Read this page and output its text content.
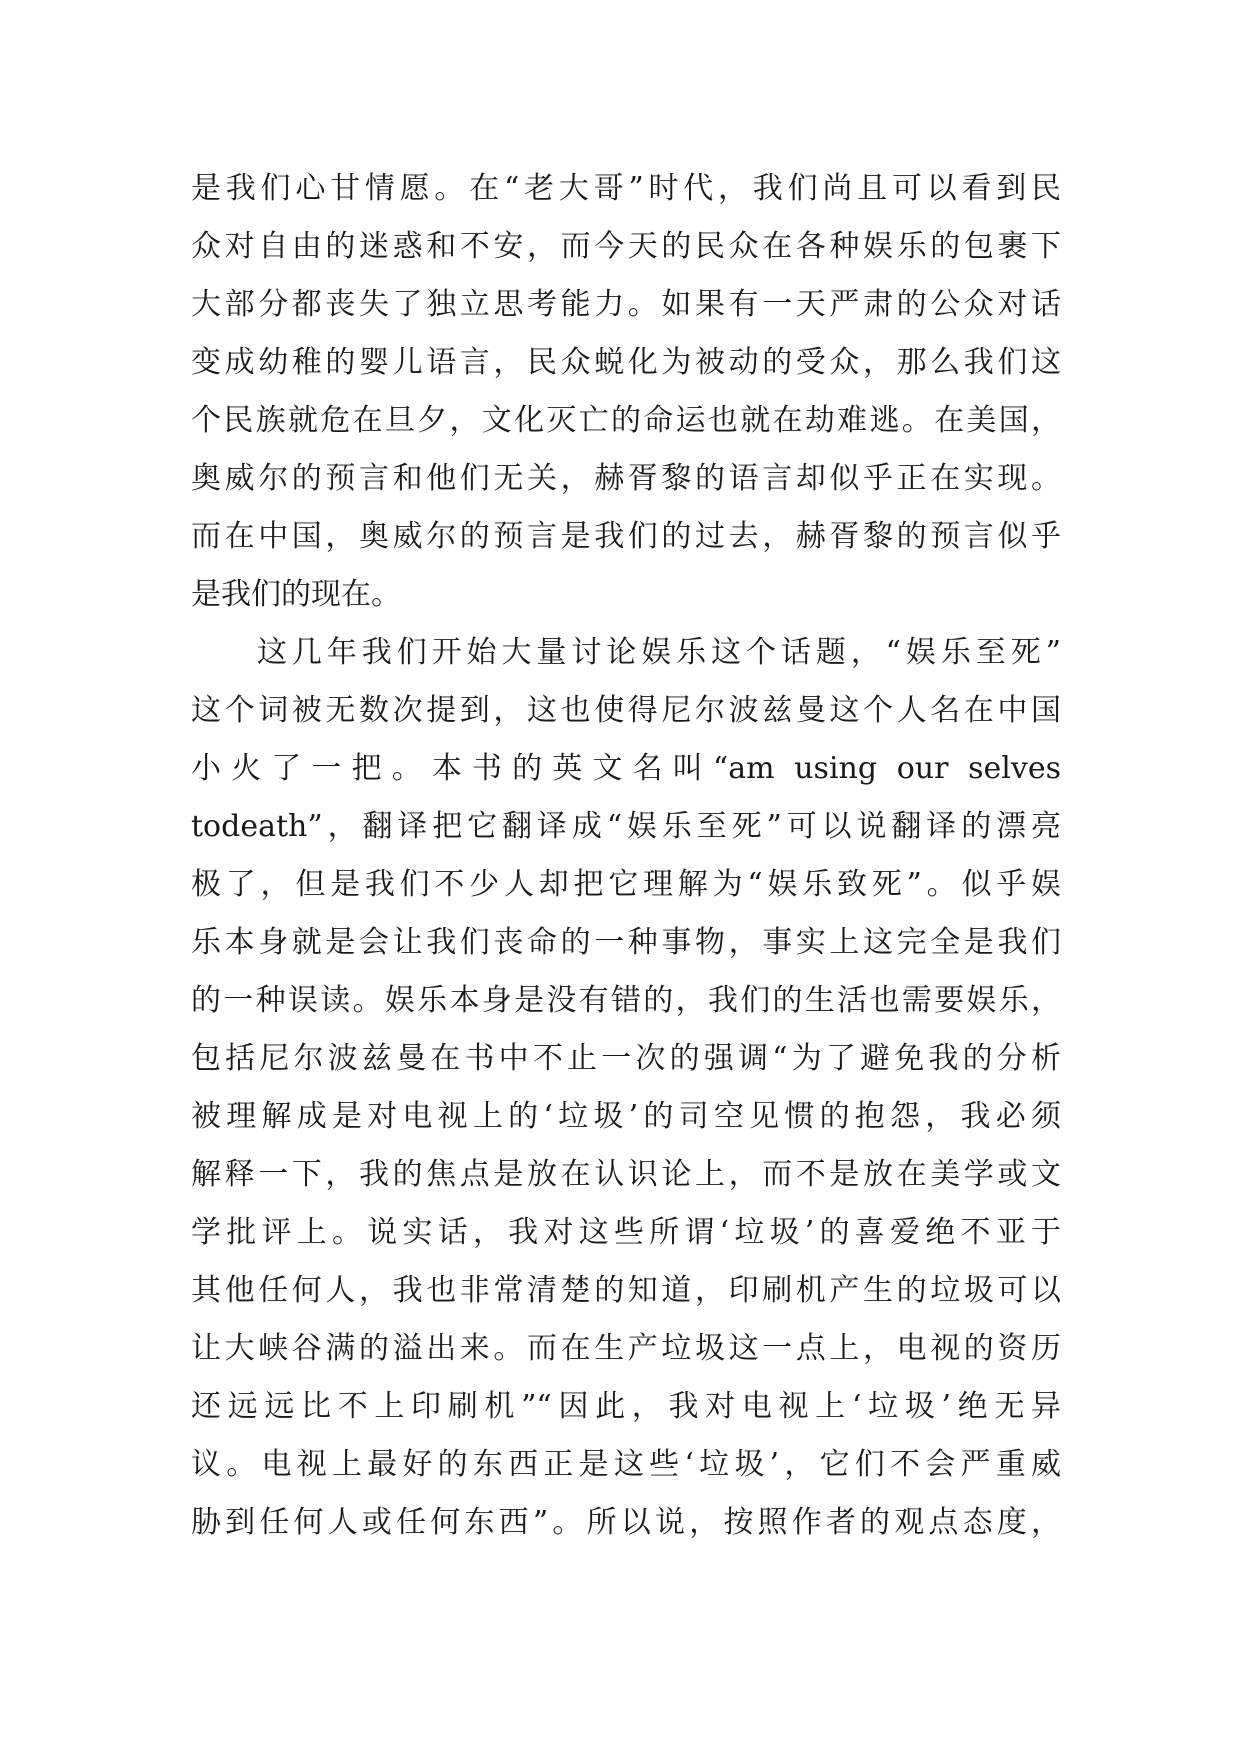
是我们心甘情愿。在“老大哥”时代，我们尚且可以看到民
众对自由的迷惑和不安，而今天的民众在各种娱乐的包裹下
大部分都丧失了独立思考能力。如果有一天严肃的公众对话
变成幼稚的婴儿语言，民众蜕化为被动的受众，那么我们这
个民族就危在旦夕，文化灭亡的命运也就在劫难逃。在美国，
奥威尔的预言和他们无关，赫胥黎的语言却似乎正在实现。
而在中国，奥威尔的预言是我们的过去，赫胥黎的预言似乎
是我们的现在。
这几年我们开始大量讨论娱乐这个话题，“娱乐至死”
这个词被无数次提到，这也使得尼尔波兹曼这个人名在中国
小火了一把。本书的英文名叫“am using our selves
todeath”，翻译把它翻译成“娱乐至死”可以说翻译的漂亮
极了，但是我们不少人却把它理解为“娱乐致死”。似乎娱
乐本身就是会让我们丧命的一种事物，事实上这完全是我们
的一种误读。娱乐本身是没有错的，我们的生活也需要娱乐，
包括尼尔波兹曼在书中不止一次的强调“为了避免我的分析
被理解成是对电视上的‘垃圾’的司空见惯的抱怨，我必须
解释一下，我的焦点是放在认识论上，而不是放在美学或文
学批评上。说实话，我对这些所谓‘垃圾’的喜爱绝不亚于
其他任何人，我也非常清楚的知道，印刷机产生的垃圾可以
让大峡谷满的溢出来。而在生产垃圾这一点上，电视的资历
还远远比不上印刷机”“因此，我对电视上‘垃圾’绝无异
议。电视上最好的东西正是这些‘垃圾’，它们不会严重威
胁到任何人或任何东西”。所以说，按照作者的观点态度，
